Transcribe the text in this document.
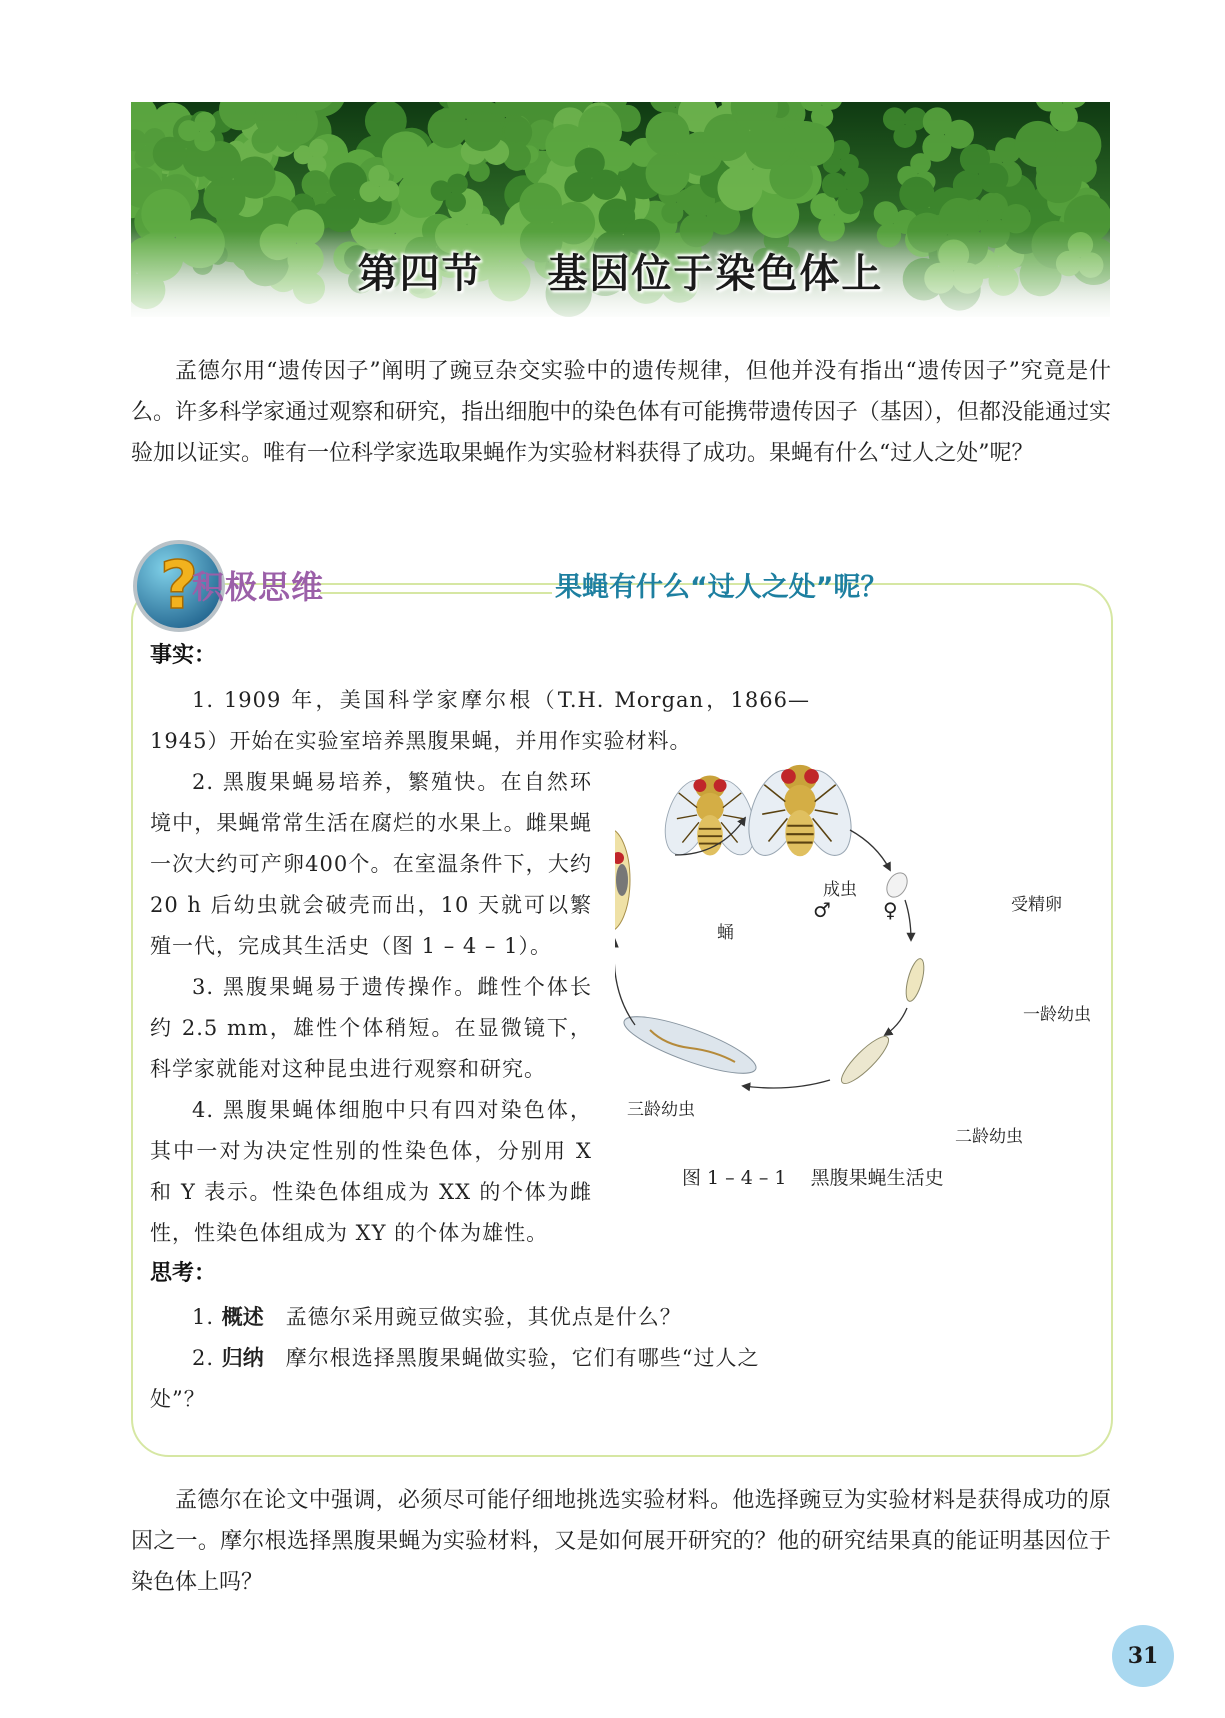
第四节    基因位于染色体上
孟德尔用“遗传因子”阐明了豌豆杂交实验中的遗传规律，但他并没有指出“遗传因子”究竟是什么。许多科学家通过观察和研究，指出细胞中的染色体有可能携带遗传因子（基因），但都没能通过实验加以证实。唯有一位科学家选取果蝇作为实验材料获得了成功。果蝇有什么“过人之处”呢？
?
积极思维	果蝇有什么“过人之处”呢？
事实：
1. 1909 年，美国科学家摩尔根（T.H. Morgan，1866—1945）开始在实验室培养黑腹果蝇，并用作实验材料。
2. 黑腹果蝇易培养，繁殖快。在自然环境中，果蝇常常生活在腐烂的水果上。雌果蝇一次大约可产卵400个。在室温条件下，大约 20 h 后幼虫就会破壳而出，10 天就可以繁殖一代，完成其生活史（图 1 – 4 – 1）。
3. 黑腹果蝇易于遗传操作。雌性个体长约 2.5 mm，雄性个体稍短。在显微镜下，科学家就能对这种昆虫进行观察和研究。
4. 黑腹果蝇体细胞中只有四对染色体，其中一对为决定性别的性染色体，分别用 X 和 Y 表示。性染色体组成为 XX 的个体为雌性，性染色体组成为 XY 的个体为雄性。
思考：
1. 概述 孟德尔采用豌豆做实验，其优点是什么？
2. 归纳 摩尔根选择黑腹果蝇做实验，它们有哪些“过人之处”？
成虫
♂	♀	受精卵
蛹
一龄幼虫
二龄幼虫
三龄幼虫
图 1 – 4 – 1    黑腹果蝇生活史
孟德尔在论文中强调，必须尽可能仔细地挑选实验材料。他选择豌豆为实验材料是获得成功的原因之一。摩尔根选择黑腹果蝇为实验材料，又是如何展开研究的？他的研究结果真的能证明基因位于染色体上吗？
31
